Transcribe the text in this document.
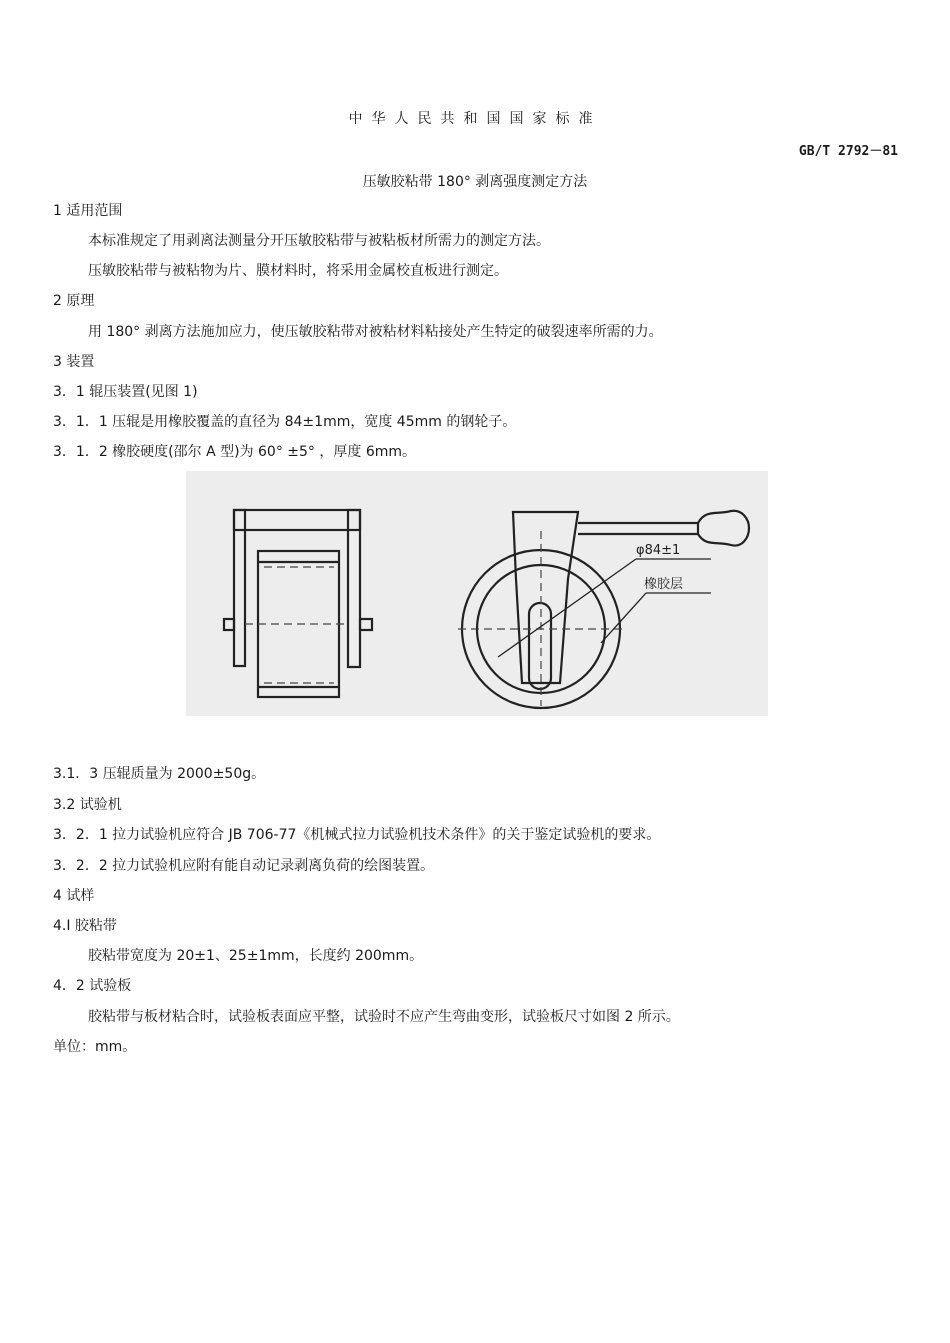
中华人民共和国国家标准
GB/T 2792－81
压敏胶粘带 180° 剥离强度测定方法
1 适用范围
本标准规定了用剥离法测量分开压敏胶粘带与被粘板材所需力的测定方法。
压敏胶粘带与被粘物为片、膜材料时，将采用金属校直板进行测定。
2 原理
用 180° 剥离方法施加应力，使压敏胶粘带对被粘材料粘接处产生特定的破裂速率所需的力。
3 装置
3．1 辊压装置(见图 1)
3．1．1 压辊是用橡胶覆盖的直径为 84±1mm，宽度 45mm 的钢轮子。
3．1．2 橡胶硬度(邵尔 A 型)为 60° ±5° ，厚度 6mm。
φ84±1
橡胶层
3.1．3 压辊质量为 2000±50g。
3.2 试验机
3．2．1 拉力试验机应符合 JB 706-77《机械式拉力试验机技术条件》的关于鉴定试验机的要求。
3．2．2 拉力试验机应附有能自动记录剥离负荷的绘图装置。
4 试样
4.Ⅰ 胶粘带
胶粘带宽度为 20±1、25±1mm，长度约 200mm。
4．2 试验板
胶粘带与板材粘合时，试验板表面应平整，试验时不应产生弯曲变形，试验板尺寸如图 2 所示。
单位：mm。
